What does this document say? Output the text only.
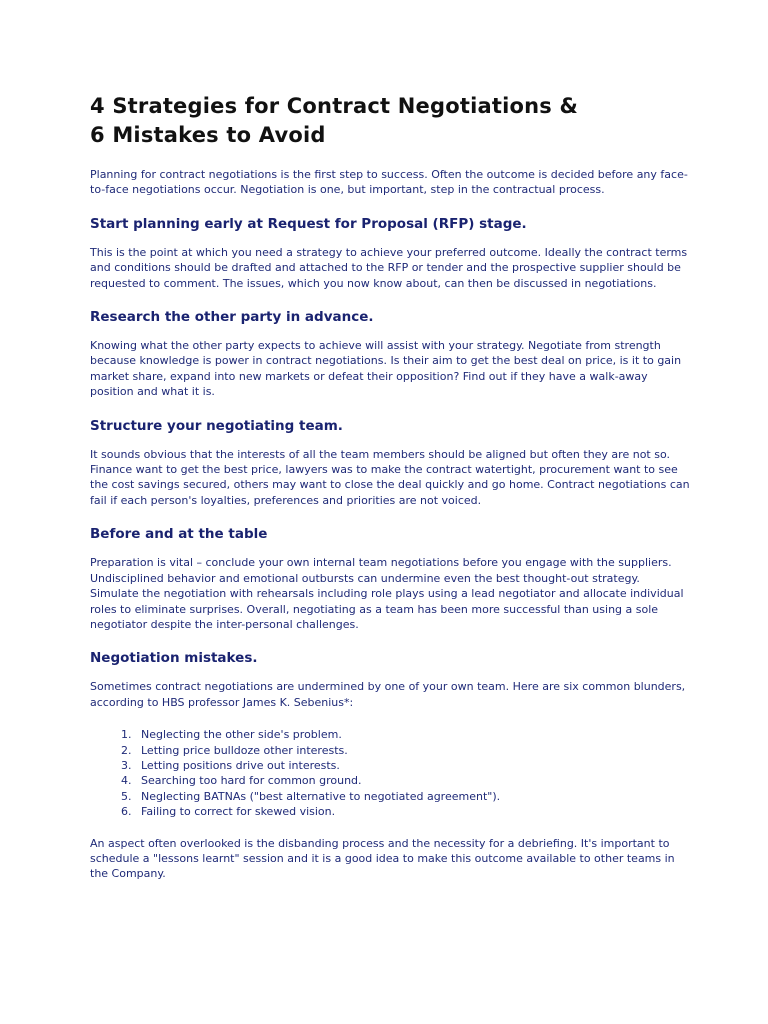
4 Strategies for Contract Negotiations &
6 Mistakes to Avoid

Planning for contract negotiations is the first step to success. Often the outcome is decided before any face-to-face negotiations occur. Negotiation is one, but important, step in the contractual process.

Start planning early at Request for Proposal (RFP) stage.

This is the point at which you need a strategy to achieve your preferred outcome. Ideally the contract terms and conditions should be drafted and attached to the RFP or tender and the prospective supplier should be requested to comment. The issues, which you now know about, can then be discussed in negotiations.

Research the other party in advance.

Knowing what the other party expects to achieve will assist with your strategy. Negotiate from strength because knowledge is power in contract negotiations. Is their aim to get the best deal on price, is it to gain market share, expand into new markets or defeat their opposition? Find out if they have a walk-away position and what it is.

Structure your negotiating team.

It sounds obvious that the interests of all the team members should be aligned but often they are not so. Finance want to get the best price, lawyers was to make the contract watertight, procurement want to see the cost savings secured, others may want to close the deal quickly and go home. Contract negotiations can fail if each person's loyalties, preferences and priorities are not voiced.

Before and at the table

Preparation is vital – conclude your own internal team negotiations before you engage with the suppliers. Undisciplined behavior and emotional outbursts can undermine even the best thought-out strategy. Simulate the negotiation with rehearsals including role plays using a lead negotiator and allocate individual roles to eliminate surprises. Overall, negotiating as a team has been more successful than using a sole negotiator despite the inter-personal challenges.

Negotiation mistakes.

Sometimes contract negotiations are undermined by one of your own team. Here are six common blunders, according to HBS professor James K. Sebenius*:

1. Neglecting the other side's problem.
2. Letting price bulldoze other interests.
3. Letting positions drive out interests.
4. Searching too hard for common ground.
5. Neglecting BATNAs ("best alternative to negotiated agreement").
6. Failing to correct for skewed vision.

An aspect often overlooked is the disbanding process and the necessity for a debriefing. It's important to schedule a "lessons learnt" session and it is a good idea to make this outcome available to other teams in the Company.
